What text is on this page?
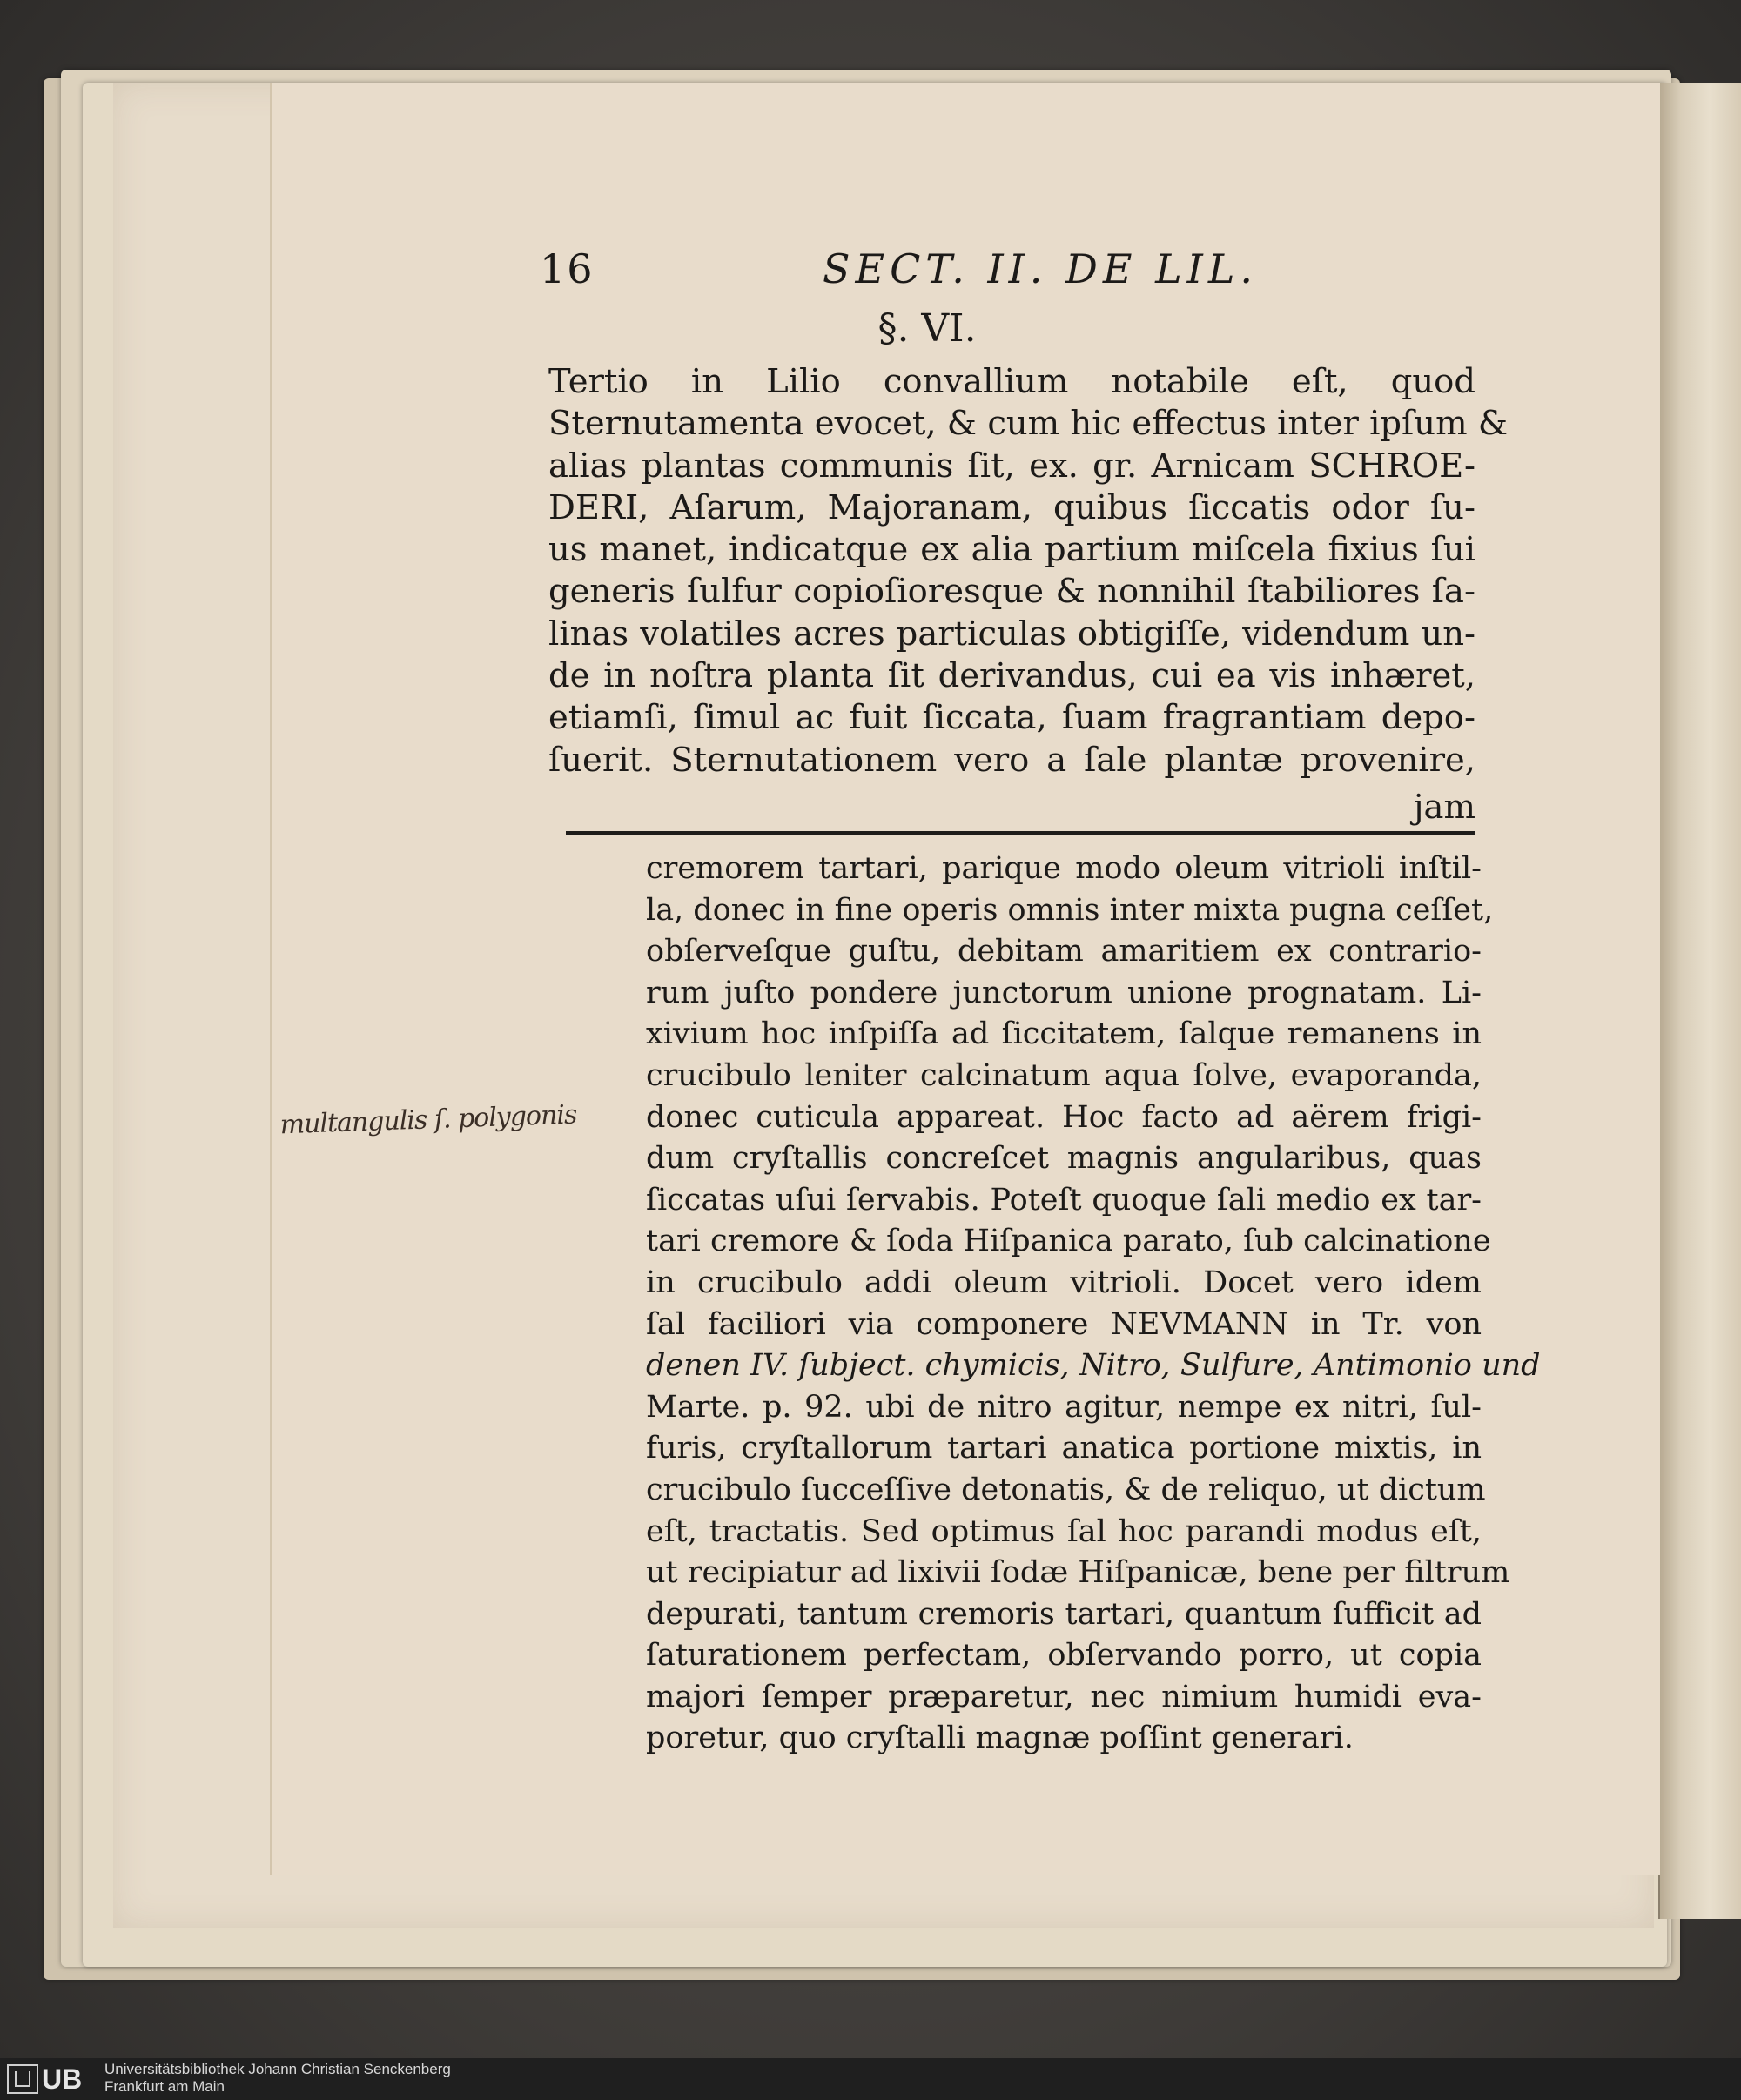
16	SECT. II. DE LIL.
§. VI.
Tertio in Lilio convallium notabile eſt, quod
Sternutamenta evocet, & cum hic effectus inter ipſum &
alias plantas communis ſit, ex. gr. Arnicam SCHROE-
DERI, Aſarum, Majoranam, quibus ſiccatis odor ſu-
us manet, indicatque ex alia partium miſcela fixius ſui
generis ſulfur copioſioresque & nonnihil ſtabiliores ſa-
linas volatiles acres particulas obtigiſſe, videndum un-
de in noſtra planta ſit derivandus, cui ea vis inhæret,
etiamſi, ſimul ac fuit ſiccata, ſuam fragrantiam depo-
ſuerit. Sternutationem vero a ſale plantæ provenire,
jam
cremorem tartari, parique modo oleum vitrioli inſtil-
la, donec in fine operis omnis inter mixta pugna ceſſet,
obſerveſque guſtu, debitam amaritiem ex contrario-
rum juſto pondere junctorum unione prognatam. Li-
xivium hoc inſpiſſa ad ſiccitatem, ſalque remanens in
crucibulo leniter calcinatum aqua ſolve, evaporanda,
donec cuticula appareat. Hoc facto ad aërem frigi-
dum cryſtallis concreſcet magnis angularibus, quas
ſiccatas uſui ſervabis. Poteſt quoque ſali medio ex tar-
tari cremore & ſoda Hiſpanica parato, ſub calcinatione
in crucibulo addi oleum vitrioli. Docet vero idem
ſal faciliori via componere NEVMANN in Tr. von
denen IV. ſubject. chymicis, Nitro, Sulfure, Antimonio und
Marte. p. 92. ubi de nitro agitur, nempe ex nitri, ſul-
furis, cryſtallorum tartari anatica portione mixtis, in
crucibulo ſucceſſive detonatis, & de reliquo, ut dictum
eſt, tractatis. Sed optimus ſal hoc parandi modus eſt,
ut recipiatur ad lixivii ſodæ Hiſpanicæ, bene per filtrum
depurati, tantum cremoris tartari, quantum ſufficit ad
ſaturationem perfectam, obſervando porro, ut copia
majori ſemper præparetur, nec nimium humidi eva-
poretur, quo cryſtalli magnæ poſſint generari.
multangulis ſ. polygonis
UB Universitätsbibliothek Johann Christian Senckenberg
Frankfurt am Main
